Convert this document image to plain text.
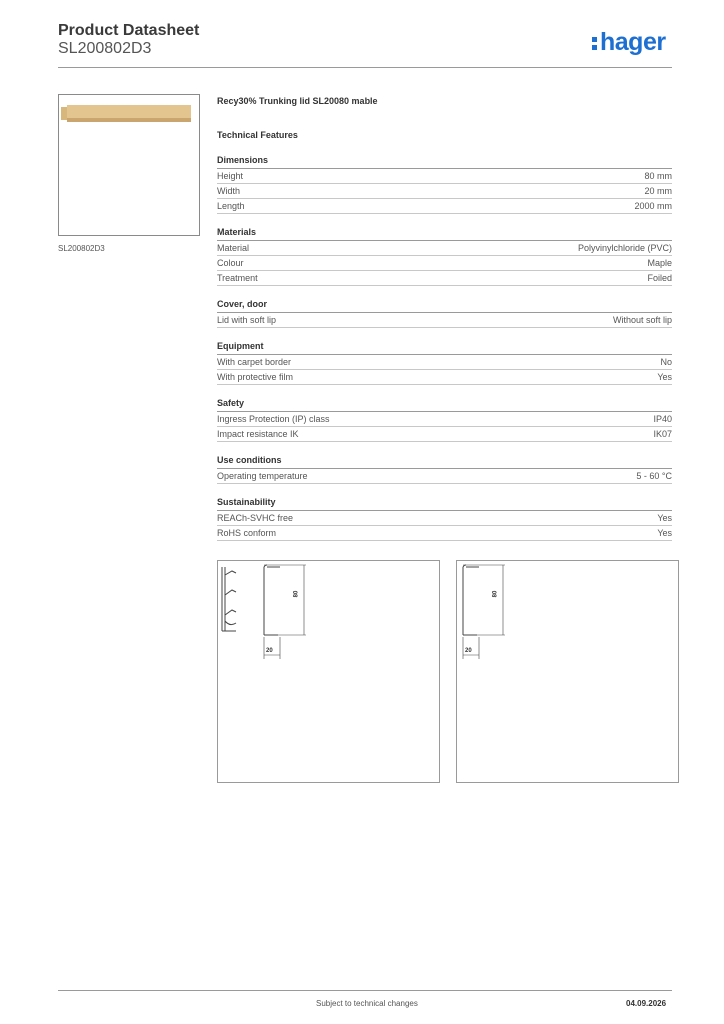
Product Datasheet
SL200802D3	hager
SL200802D3
Recy30% Trunking lid SL20080 mable
Technical Features
Dimensions
Height	80 mm
Width	20 mm
Length	2000 mm
Materials
Material	Polyvinylchloride (PVC)
Colour	Maple
Treatment	Foiled
Cover, door
Lid with soft lip	Without soft lip
Equipment
With carpet border	No
With protective film	Yes
Safety
Ingress Protection (IP) class	IP40
Impact resistance IK	IK07
Use conditions
Operating temperature	5 - 60 °C
Sustainability
REACh-SVHC free	Yes
RoHS conform	Yes
80
20
80
20
Subject to technical changes	04.09.2026
